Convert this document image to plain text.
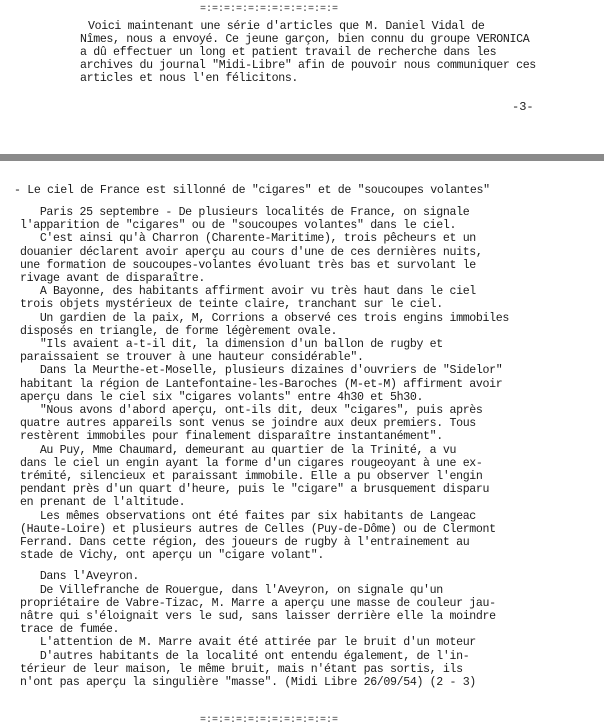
=:=:=:=:=:=:=:=:=:=:=:=
Voici maintenant une série d'articles que M. Daniel Vidal de
Nîmes, nous a envoyé. Ce jeune garçon, bien connu du groupe VERONICA
a dû effectuer un long et patient travail de recherche dans les
archives du journal "Midi-Libre" afin de pouvoir nous communiquer ces
articles et nous l'en félicitons.
-3-
- Le ciel de France est sillonné de "cigares" et de "soucoupes volantes"
Paris 25 septembre - De plusieurs localités de France, on signale
l'apparition de "cigares" ou de "soucoupes volantes" dans le ciel.
C'est ainsi qu'à Charron (Charente-Maritime), trois pêcheurs et un
douanier déclarent avoir aperçu au cours d'une de ces dernières nuits,
une formation de soucoupes-volantes évoluant très bas et survolant le
rivage avant de disparaître.
A Bayonne, des habitants affirment avoir vu très haut dans le ciel
trois objets mystérieux de teinte claire, tranchant sur le ciel.
Un gardien de la paix, M, Corrions a observé ces trois engins immobiles
disposés en triangle, de forme légèrement ovale.
"Ils avaient a-t-il dit, la dimension d'un ballon de rugby et
paraissaient se trouver à une hauteur considérable".
Dans la Meurthe-et-Moselle, plusieurs dizaines d'ouvriers de "Sidelor"
habitant la région de Lantefontaine-les-Baroches (M-et-M) affirment avoir
aperçu dans le ciel six "cigares volants" entre 4h30 et 5h30.
"Nous avons d'abord aperçu, ont-ils dit, deux "cigares", puis après
quatre autres appareils sont venus se joindre aux deux premiers. Tous
restèrent immobiles pour finalement disparaître instantanément".
Au Puy, Mme Chaumard, demeurant au quartier de la Trinité, a vu
dans le ciel un engin ayant la forme d'un cigares rougeoyant à une ex-
trémité, silencieux et paraissant immobile. Elle a pu observer l'engin
pendant près d'un quart d'heure, puis le "cigare" a brusquement disparu
en prenant de l'altitude.
Les mêmes observations ont été faites par six habitants de Langeac
(Haute-Loire) et plusieurs autres de Celles (Puy-de-Dôme) ou de Clermont
Ferrand. Dans cette région, des joueurs de rugby à l'entrainement au
stade de Vichy, ont aperçu un "cigare volant".
Dans l'Aveyron.
De Villefranche de Rouergue, dans l'Aveyron, on signale qu'un
propriétaire de Vabre-Tizac, M. Marre a aperçu une masse de couleur jau-
nâtre qui s'éloignait vers le sud, sans laisser derrière elle la moindre
trace de fumée.
L'attention de M. Marre avait été attirée par le bruit d'un moteur
D'autres habitants de la localité ont entendu également, de l'in-
térieur de leur maison, le même bruit, mais n'étant pas sortis, ils
n'ont pas aperçu la singulière "masse". (Midi Libre 26/09/54) (2 - 3)
=:=:=:=:=:=:=:=:=:=:=:=
